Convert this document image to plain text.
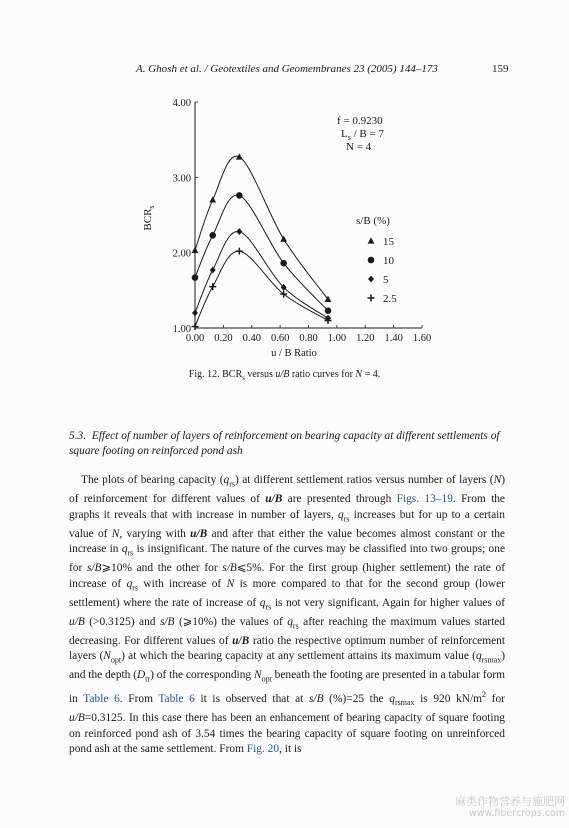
A. Ghosh et al. / Geotextiles and Geomembranes 23 (2005) 144–173	159
0.00 0.20 0.40 0.60 0.80 1.00 1.20 1.40 1.60
1.00
2.00
3.00
4.00
u / B Ratio
$BCR_s$
f = 0.9230
$L_s / B = 7$
N = 4
s/B (%)
15
10
5
2.5
Fig. 12. $BCR_s$ versus u/B ratio curves for N = 4.
5.3. Effect of number of layers of reinforcement on bearing capacity at different settlements of square footing on reinforced pond ash

The plots of bearing capacity $(q_{rs})$ at different settlement ratios versus number of layers (N) of reinforcement for different values of u/B are presented through Figs. 13–19. From the graphs it reveals that with increase in number of layers, $q_{rs}$ increases but for up to a certain value of N, varying with u/B and after that either the value becomes almost constant or the increase in $q_{rs}$ is insignificant. The nature of the curves may be classified into two groups; one for s/B⩾10% and the other for s/B⩽5%. For the first group (higher settlement) the rate of increase of $q_{rs}$ with increase of N is more compared to that for the second group (lower settlement) where the rate of increase of $q_{rs}$ is not very significant. Again for higher values of u/B (>0.3125) and s/B (⩾10%) the values of $q_{rs}$ after reaching the maximum values started decreasing. For different values of u/B ratio the respective optimum number of reinforcement layers $(N_{opt})$ at which the bearing capacity at any settlement attains its maximum value $(q_{rsmax})$ and the depth $(D_{tr})$ of the corresponding $N_{opt}$ beneath the footing are presented in a tabular form in Table 6. From Table 6 it is observed that at s/B (%)=25 the $q_{rsmax}$ is 920 $kN/m^2$ for u/B=0.3125. In this case there has been an enhancement of bearing capacity of square footing on reinforced pond ash of 3.54 times the bearing capacity of square footing on unreinforced pond ash at the same settlement. From Fig. 20, it is

麻类作物营养与施肥网
www.fibercrops.com
